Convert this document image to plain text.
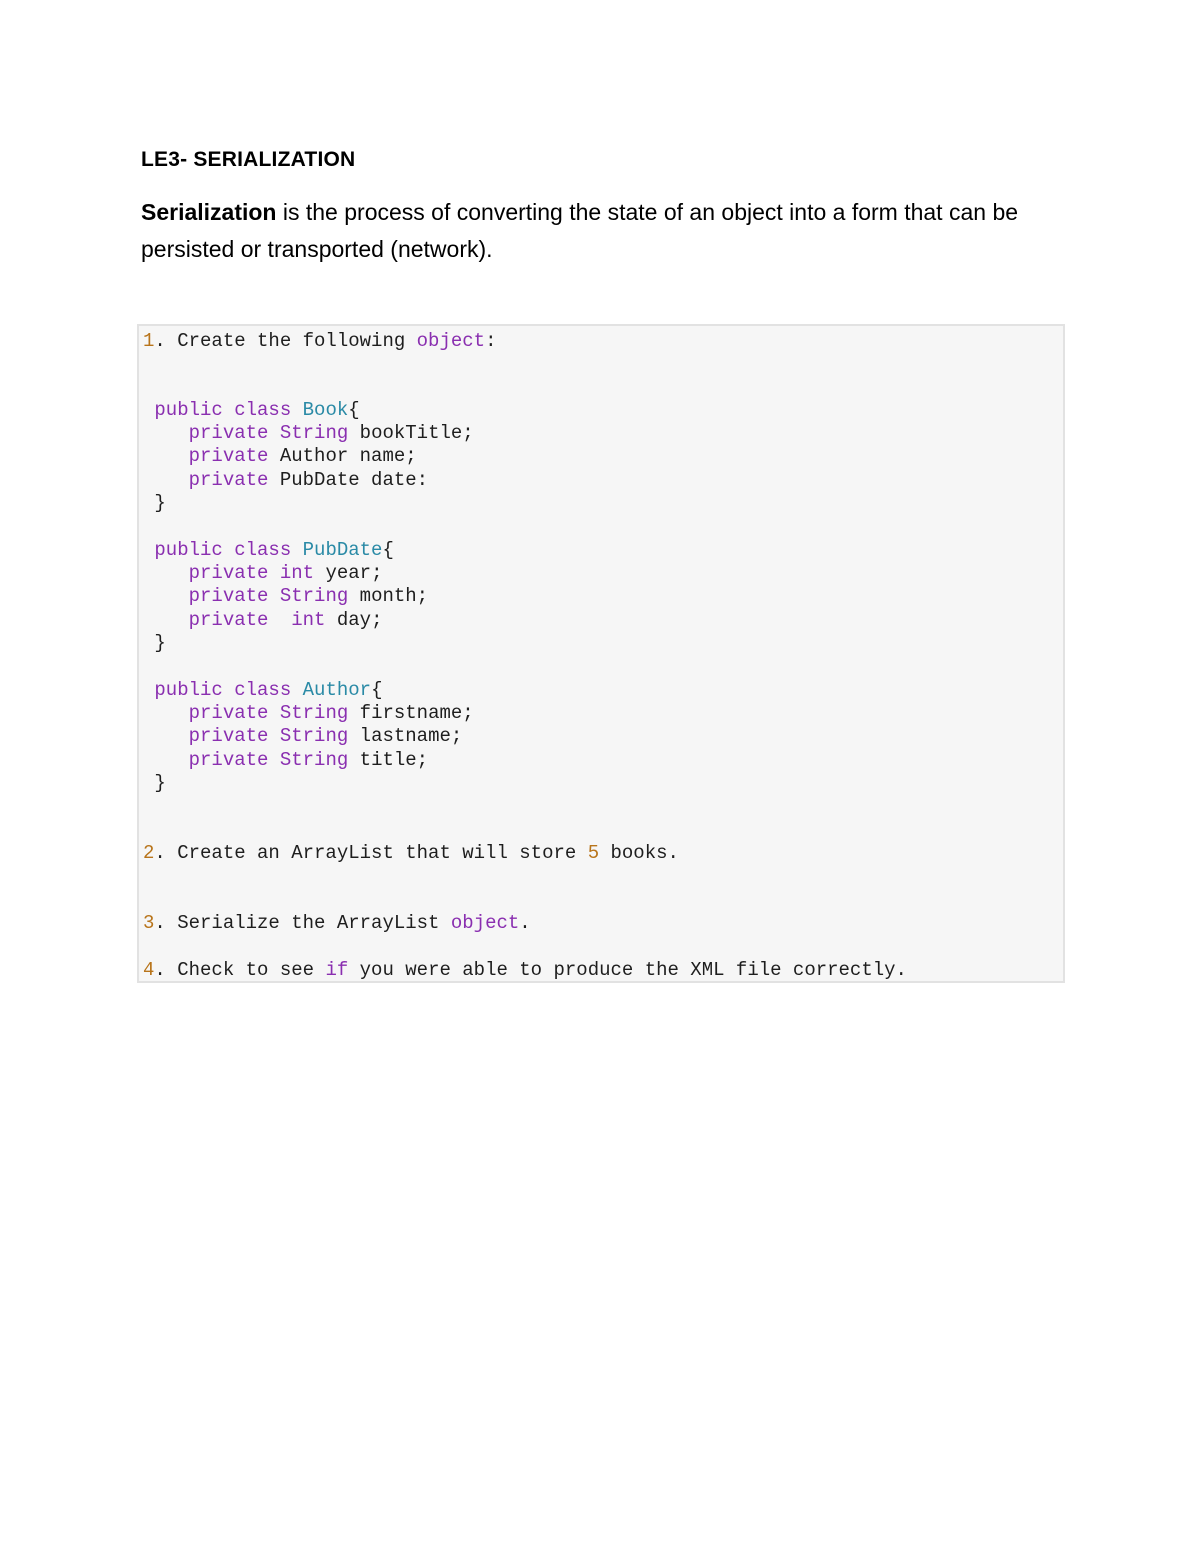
LE3- SERIALIZATION
Serialization is the process of converting the state of an object into a form that can be persisted or transported (network).
1. Create the following object:
public class Book{
private String bookTitle;
private Author name;
private PubDate date:
}
public class PubDate{
private int year;
private String month;
private int day;
}
public class Author{
private String firstname;
private String lastname;
private String title;
}
2. Create an ArrayList that will store 5 books.
3. Serialize the ArrayList object.
4. Check to see if you were able to produce the XML file correctly.
